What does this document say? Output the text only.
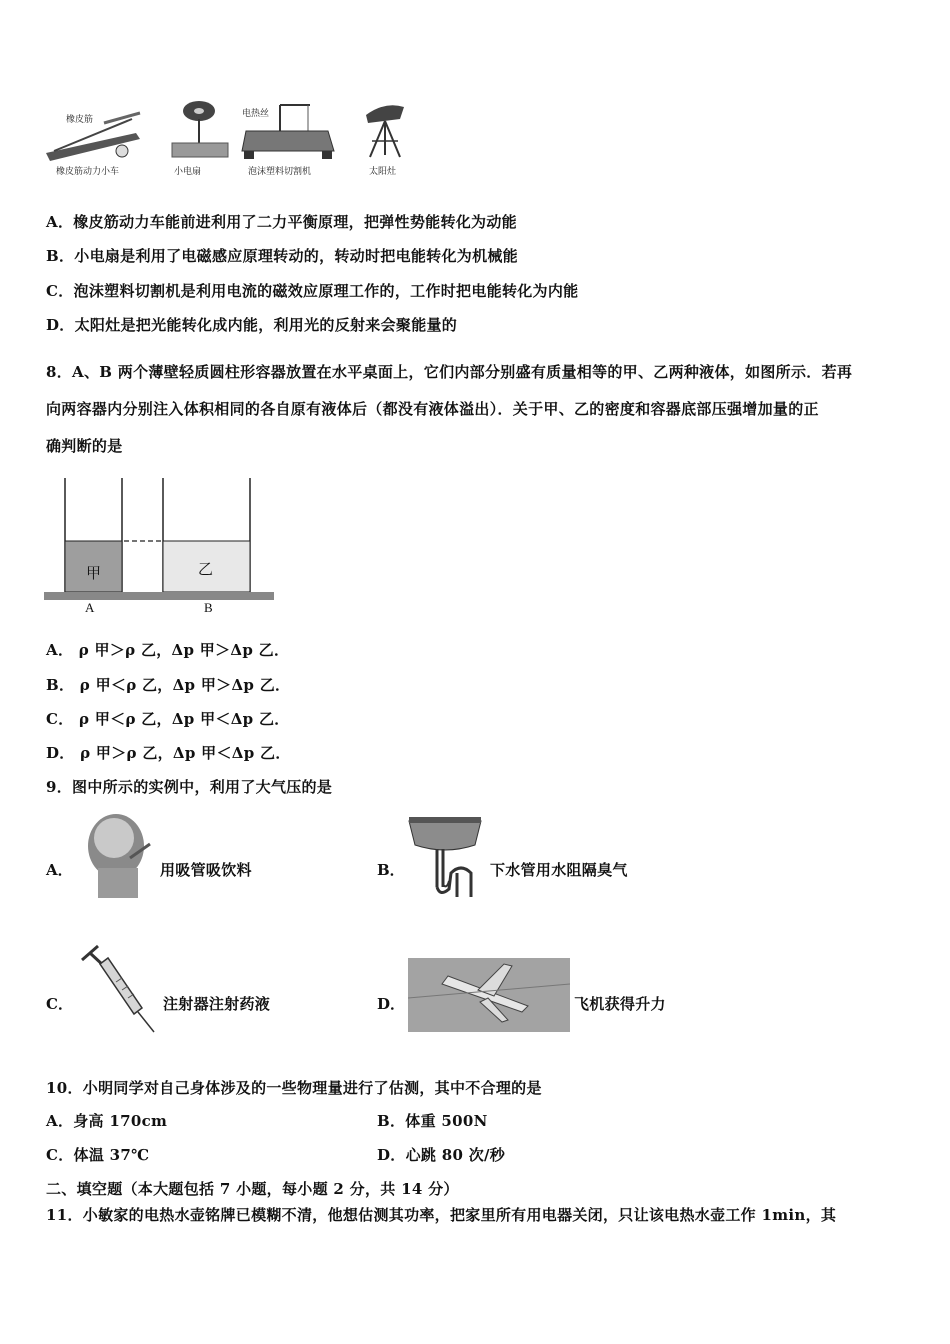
橡皮筋
橡皮筋动力小车	小电扇
电热丝
泡沫塑料切割机	太阳灶
A．橡皮筋动力车能前进利用了二力平衡原理，把弹性势能转化为动能
B．小电扇是利用了电磁感应原理转动的，转动时把电能转化为机械能
C．泡沫塑料切割机是利用电流的磁效应原理工作的，工作时把电能转化为内能
D．太阳灶是把光能转化成内能，利用光的反射来会聚能量的
8．A、B 两个薄壁轻质圆柱形容器放置在水平桌面上，它们内部分别盛有质量相等的甲、乙两种液体，如图所示．若再
向两容器内分别注入体积相同的各自原有液体后（都没有液体溢出）．关于甲、乙的密度和容器底部压强增加量的正
确判断的是
甲	乙
A	B
A． ρ 甲＞ρ 乙，Δp 甲＞Δp 乙．
B． ρ 甲＜ρ 乙，Δp 甲＞Δp 乙．
C． ρ 甲＜ρ 乙，Δp 甲＜Δp 乙．
D． ρ 甲＞ρ 乙，Δp 甲＜Δp 乙．
9．图中所示的实例中，利用了大气压的是
A．	用吸管吸饮料	B．	下水管用水阻隔臭气
C．	注射器注射药液	D．	飞机获得升力
10．小明同学对自己身体涉及的一些物理量进行了估测，其中不合理的是
A．身高 170cm	B．体重 500N
C．体温 37℃	D．心跳 80 次/秒
二、填空题（本大题包括 7 小题，每小题 2 分，共 14 分）
11．小敏家的电热水壶铭牌已模糊不清，他想估测其功率，把家里所有用电器关闭，只让该电热水壶工作 1min，其
